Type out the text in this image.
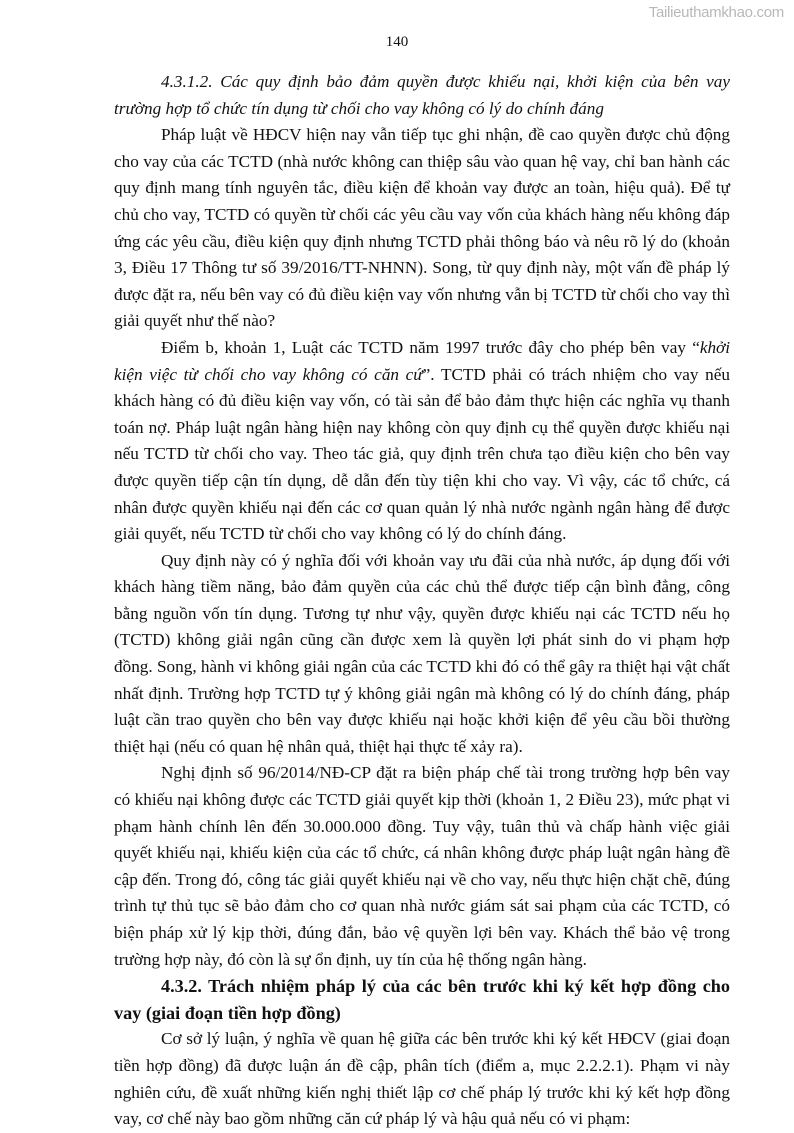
Tailieuthamkhao.com
140

4.3.1.2. Các quy định bảo đảm quyền được khiếu nại, khởi kiện của bên vay trường hợp tổ chức tín dụng từ chối cho vay không có lý do chính đáng

Pháp luật về HĐCV hiện nay vẫn tiếp tục ghi nhận, đề cao quyền được chủ động cho vay của các TCTD (nhà nước không can thiệp sâu vào quan hệ vay, chỉ ban hành các quy định mang tính nguyên tắc, điều kiện để khoản vay được an toàn, hiệu quả). Để tự chủ cho vay, TCTD có quyền từ chối các yêu cầu vay vốn của khách hàng nếu không đáp ứng các yêu cầu, điều kiện quy định nhưng TCTD phải thông báo và nêu rõ lý do (khoản 3, Điều 17 Thông tư số 39/2016/TT-NHNN). Song, từ quy định này, một vấn đề pháp lý được đặt ra, nếu bên vay có đủ điều kiện vay vốn nhưng vẫn bị TCTD từ chối cho vay thì giải quyết như thế nào?

Điểm b, khoản 1, Luật các TCTD năm 1997 trước đây cho phép bên vay “khởi kiện việc từ chối cho vay không có căn cứ”. TCTD phải có trách nhiệm cho vay nếu khách hàng có đủ điều kiện vay vốn, có tài sản để bảo đảm thực hiện các nghĩa vụ thanh toán nợ. Pháp luật ngân hàng hiện nay không còn quy định cụ thể quyền được khiếu nại nếu TCTD từ chối cho vay. Theo tác giả, quy định trên chưa tạo điều kiện cho bên vay được quyền tiếp cận tín dụng, dễ dẫn đến tùy tiện khi cho vay. Vì vậy, các tổ chức, cá nhân được quyền khiếu nại đến các cơ quan quản lý nhà nước ngành ngân hàng để được giải quyết, nếu TCTD từ chối cho vay không có lý do chính đáng.

Quy định này có ý nghĩa đối với khoản vay ưu đãi của nhà nước, áp dụng đối với khách hàng tiềm năng, bảo đảm quyền của các chủ thể được tiếp cận bình đẳng, công bằng nguồn vốn tín dụng. Tương tự như vậy, quyền được khiếu nại các TCTD nếu họ (TCTD) không giải ngân cũng cần được xem là quyền lợi phát sinh do vi phạm hợp đồng. Song, hành vi không giải ngân của các TCTD khi đó có thể gây ra thiệt hại vật chất nhất định. Trường hợp TCTD tự ý không giải ngân mà không có lý do chính đáng, pháp luật cần trao quyền cho bên vay được khiếu nại hoặc khởi kiện để yêu cầu bồi thường thiệt hại (nếu có quan hệ nhân quả, thiệt hại thực tế xảy ra).

Nghị định số 96/2014/NĐ-CP đặt ra biện pháp chế tài trong trường hợp bên vay có khiếu nại không được các TCTD giải quyết kịp thời (khoản 1, 2 Điều 23), mức phạt vi phạm hành chính lên đến 30.000.000 đồng. Tuy vậy, tuân thủ và chấp hành việc giải quyết khiếu nại, khiếu kiện của các tổ chức, cá nhân không được pháp luật ngân hàng đề cập đến. Trong đó, công tác giải quyết khiếu nại về cho vay, nếu thực hiện chặt chẽ, đúng trình tự thủ tục sẽ bảo đảm cho cơ quan nhà nước giám sát sai phạm của các TCTD, có biện pháp xử lý kịp thời, đúng đắn, bảo vệ quyền lợi bên vay. Khách thể bảo vệ trong trường hợp này, đó còn là sự ổn định, uy tín của hệ thống ngân hàng.

4.3.2. Trách nhiệm pháp lý của các bên trước khi ký kết hợp đồng cho vay (giai đoạn tiền hợp đồng)

Cơ sở lý luận, ý nghĩa về quan hệ giữa các bên trước khi ký kết HĐCV (giai đoạn tiền hợp đồng) đã được luận án đề cập, phân tích (điểm a, mục 2.2.2.1). Phạm vi này nghiên cứu, đề xuất những kiến nghị thiết lập cơ chế pháp lý trước khi ký kết hợp đồng vay, cơ chế này bao gồm những căn cứ pháp lý và hậu quả nếu có vi phạm:
